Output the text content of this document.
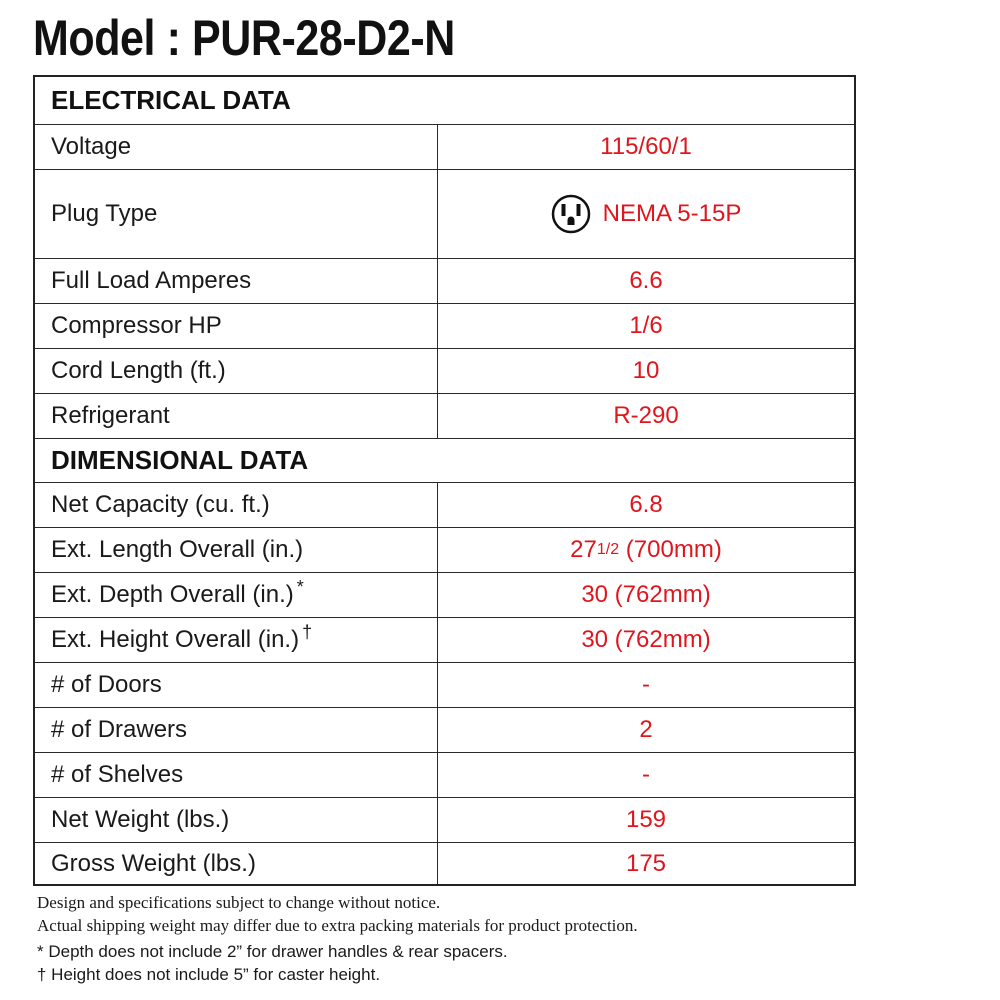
Model : PUR-28-D2-N
ELECTRICAL DATA
Voltage	115/60/1
Plug Type	NEMA 5-15P
Full Load Amperes	6.6
Compressor HP	1/6
Cord Length (ft.)	10
Refrigerant	R-290
DIMENSIONAL DATA
Net Capacity (cu. ft.)	6.8
Ext. Length Overall (in.)	27 1/2 (700mm)
Ext. Depth Overall (in.) *	30 (762mm)
Ext. Height Overall (in.) †	30 (762mm)
# of Doors	-
# of Drawers	2
# of Shelves	-
Net Weight (lbs.)	159
Gross Weight (lbs.)	175

Design and specifications subject to change without notice.

Actual shipping weight may differ due to extra packing materials for product protection.

* Depth does not include 2” for drawer handles & rear spacers.

† Height does not include 5” for caster height.
